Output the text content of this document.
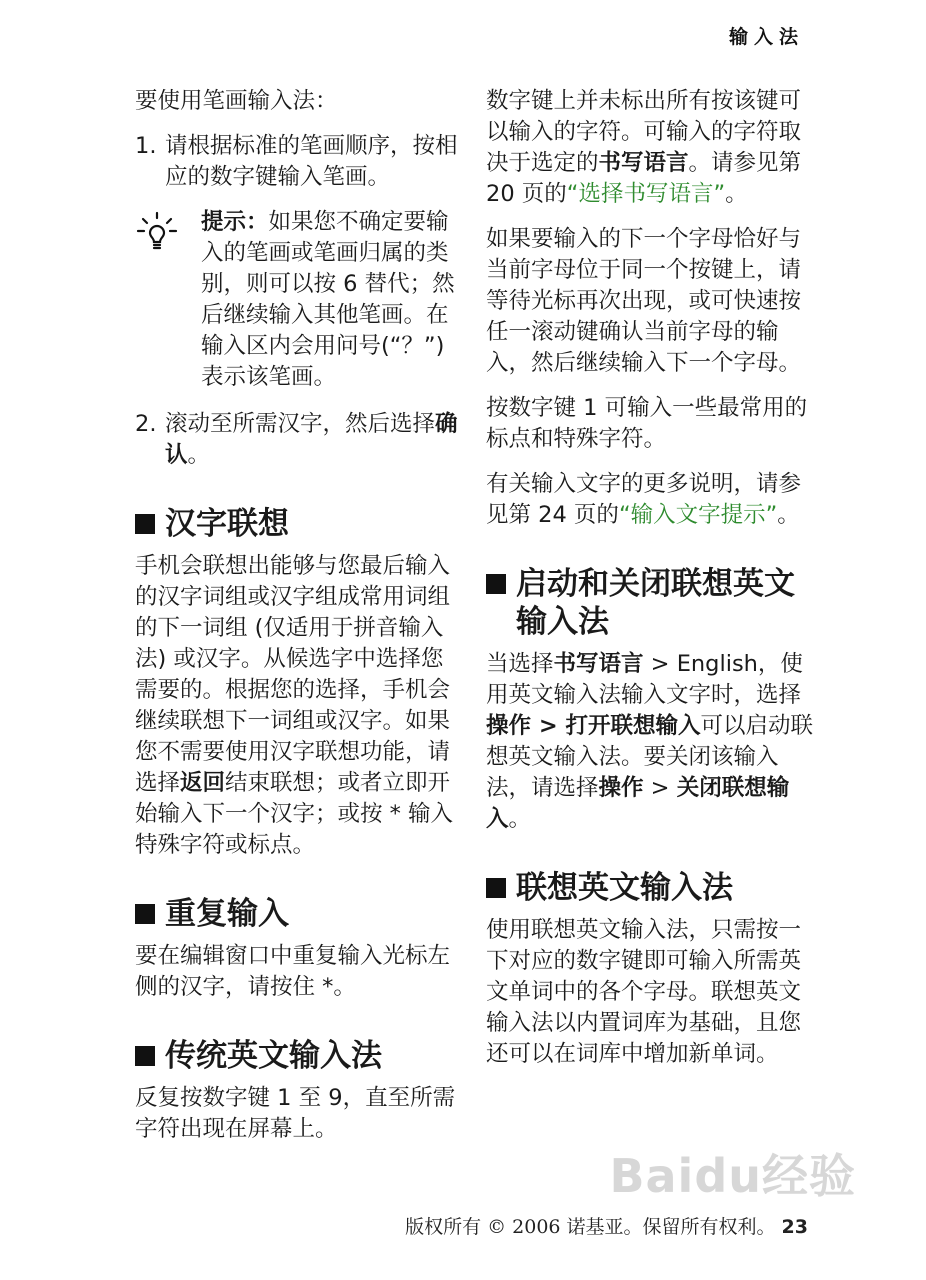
输入法

要使用笔画输入法：

1. 请根据标准的笔画顺序，按相应的数字键输入笔画。
提示：如果您不确定要输入的笔画或笔画归属的类别，则可以按 6 替代；然后继续输入其他笔画。在输入区内会用问号(“？”) 表示该笔画。
2. 滚动至所需汉字，然后选择确认。
汉字联想

手机会联想出能够与您最后输入的汉字词组或汉字组成常用词组的下一词组 (仅适用于拼音输入法) 或汉字。从候选字中选择您需要的。根据您的选择，手机会继续联想下一词组或汉字。如果您不需要使用汉字联想功能，请选择返回结束联想；或者立即开始输入下一个汉字；或按 * 输入特殊字符或标点。

重复输入

要在编辑窗口中重复输入光标左侧的汉字，请按住 *。

传统英文输入法

反复按数字键 1 至 9，直至所需字符出现在屏幕上。

数字键上并未标出所有按该键可以输入的字符。可输入的字符取决于选定的书写语言。请参见第 20 页的“选择书写语言”。

如果要输入的下一个字母恰好与当前字母位于同一个按键上，请等待光标再次出现，或可快速按任一滚动键确认当前字母的输入，然后继续输入下一个字母。

按数字键 1 可输入一些最常用的标点和特殊字符。

有关输入文字的更多说明，请参见第 24 页的“输入文字提示”。

启动和关闭联想英文输入法

当选择书写语言 > English，使用英文输入法输入文字时，选择操作 > 打开联想输入可以启动联想英文输入法。要关闭该输入法，请选择操作 > 关闭联想输入。

联想英文输入法

使用联想英文输入法，只需按一下对应的数字键即可输入所需英文单词中的各个字母。联想英文输入法以内置词库为基础，且您还可以在词库中增加新单词。

Baidu经验
版权所有 © 2006 诺基亚。保留所有权利。 23
